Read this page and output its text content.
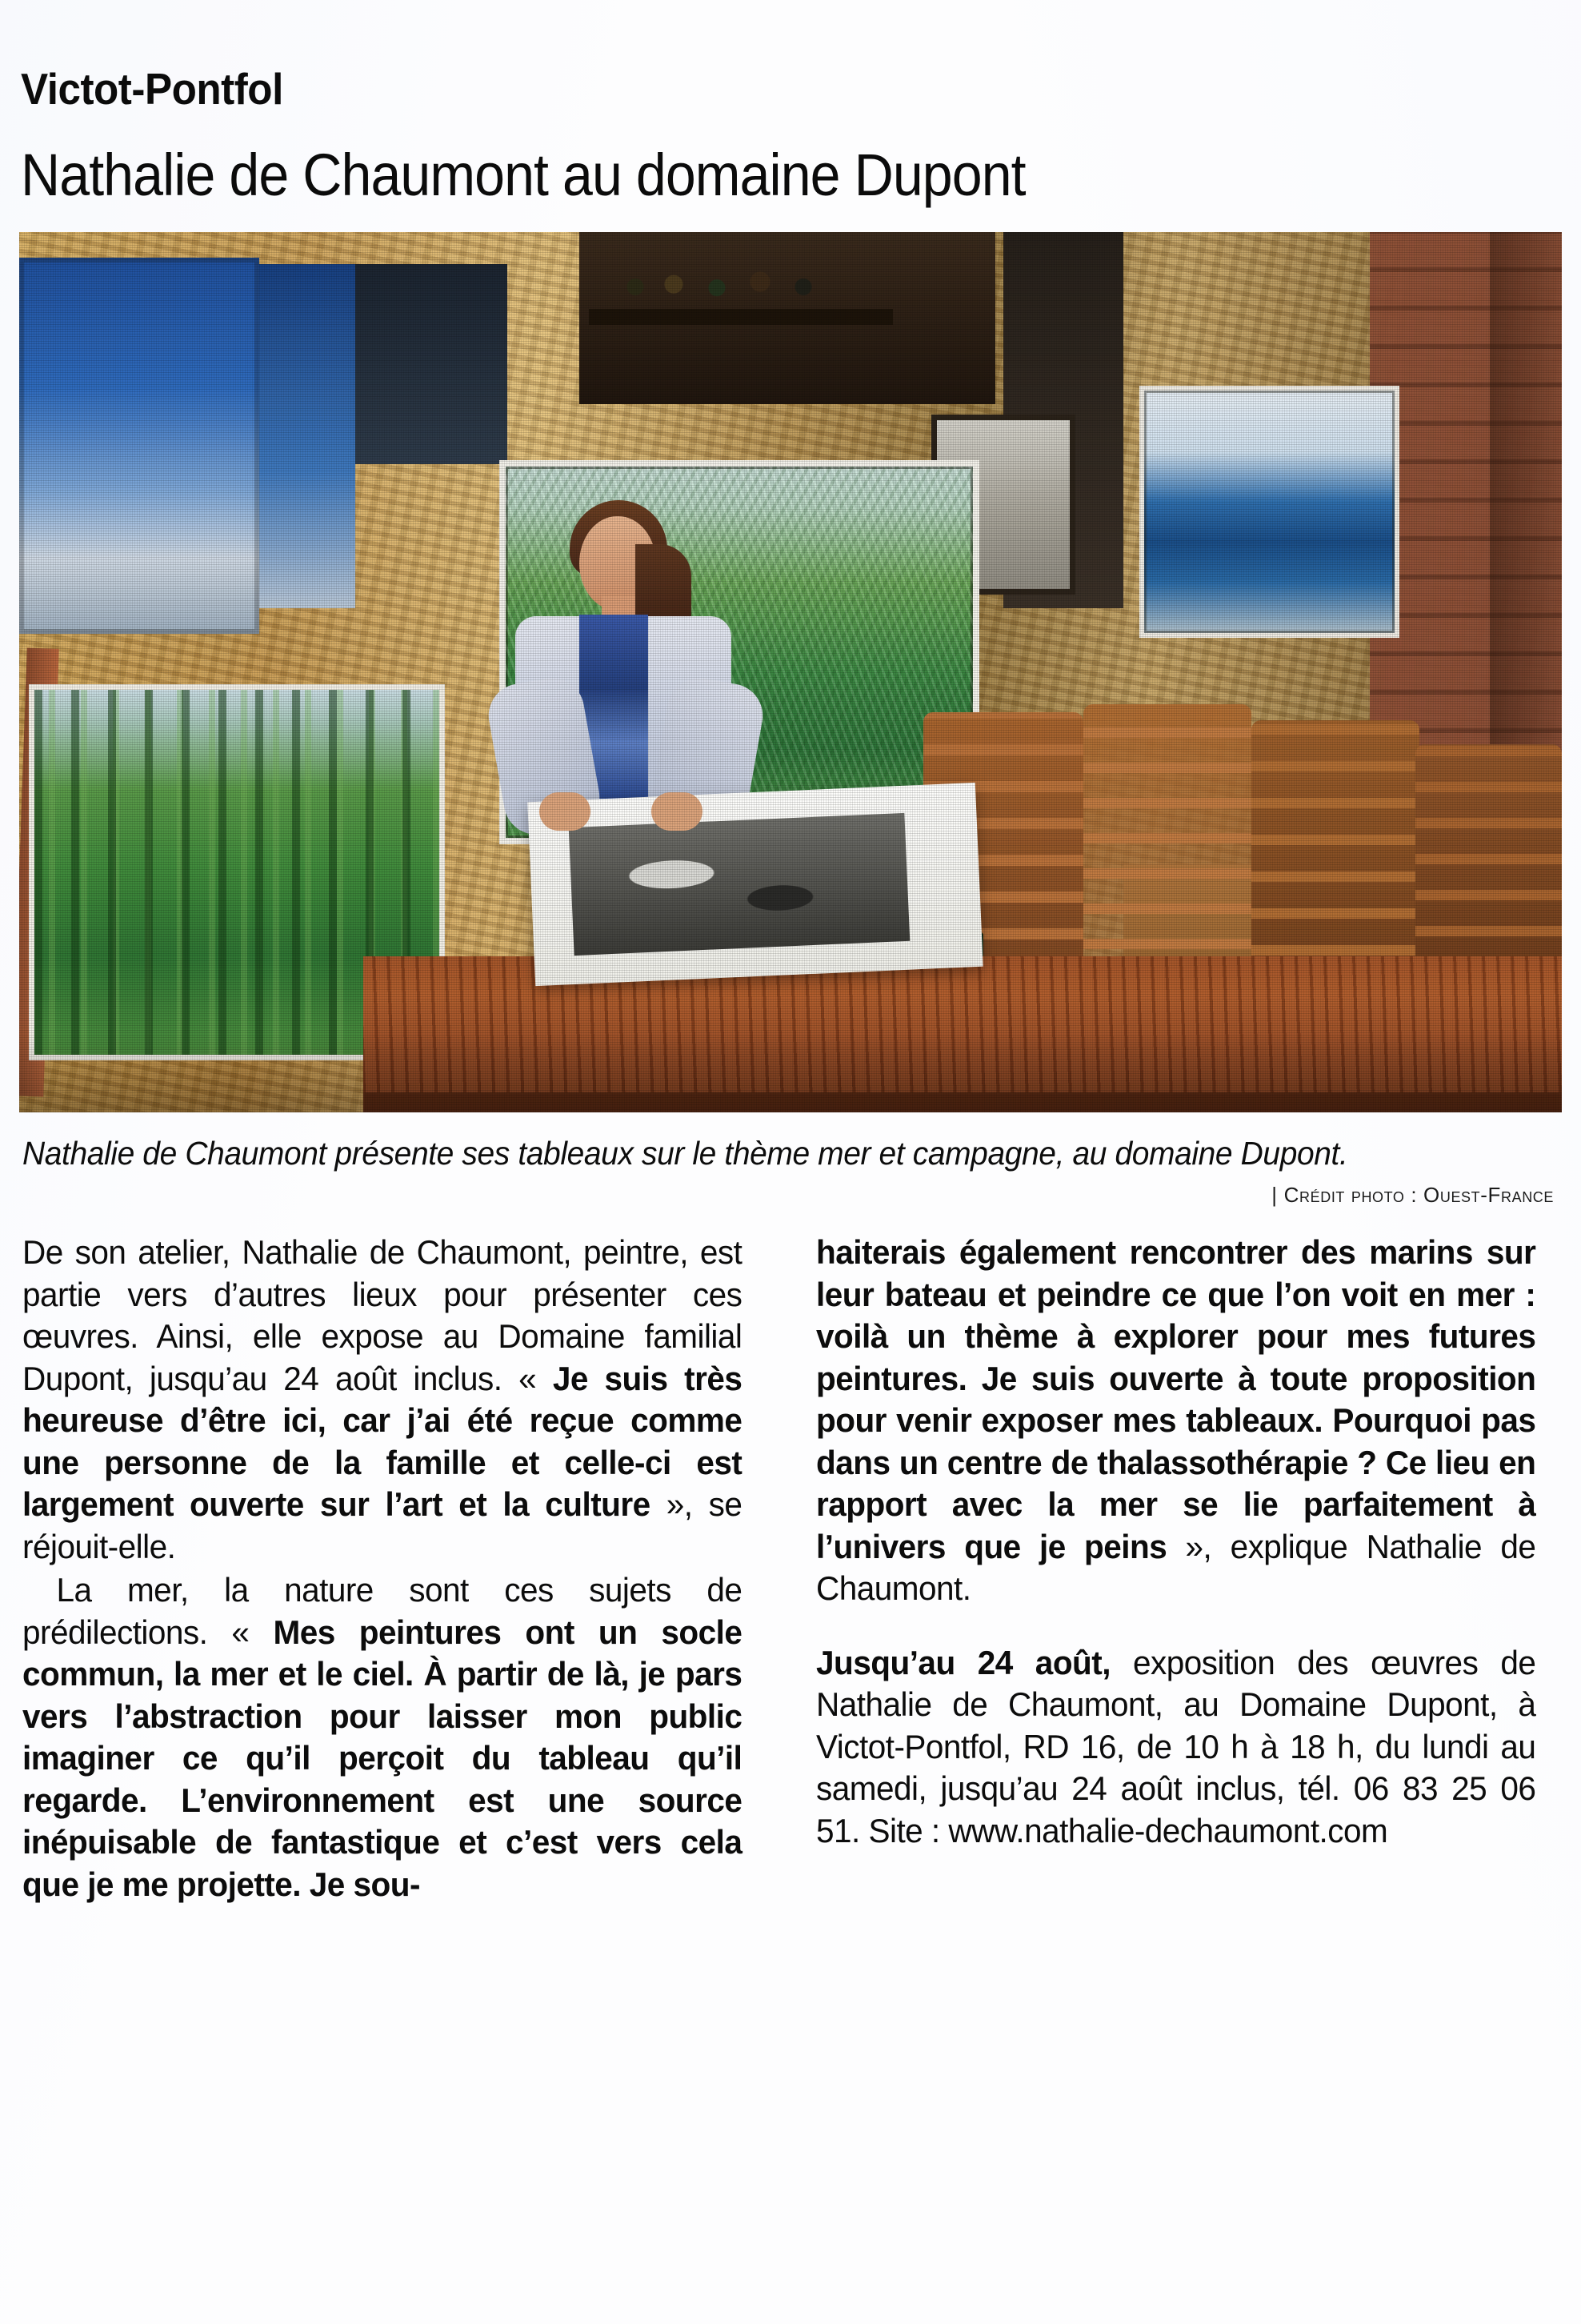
Victot-Pontfol
Nathalie de Chaumont au domaine Dupont
Nathalie de Chaumont présente ses tableaux sur le thème mer et campagne, au domaine Dupont.
| Crédit photo : Ouest-France

De son atelier, Nathalie de Chaumont, peintre, est partie vers d’autres lieux pour présenter ces œuvres. Ainsi, elle expose au Domaine familial Dupont, jusqu’au 24 août inclus. « Je suis très heureuse d’être ici, car j’ai été reçue comme une personne de la famille et celle-ci est largement ouverte sur l’art et la culture », se réjouit-elle.

La mer, la nature sont ces sujets de prédilections. « Mes peintures ont un socle commun, la mer et le ciel. À partir de là, je pars vers l’abstraction pour laisser mon public imaginer ce qu’il perçoit du tableau qu’il regarde. L’environnement est une source inépuisable de fantastique et c’est vers cela que je me projette. Je sou-

haiterais également rencontrer des marins sur leur bateau et peindre ce que l’on voit en mer : voilà un thème à explorer pour mes futures peintures. Je suis ouverte à toute proposition pour venir exposer mes tableaux. Pourquoi pas dans un centre de thalassothérapie ? Ce lieu en rapport avec la mer se lie parfaitement à l’univers que je peins », explique Nathalie de Chaumont.

Jusqu’au 24 août, exposition des œuvres de Nathalie de Chaumont, au Domaine Dupont, à Victot-Pontfol, RD 16, de 10 h à 18 h, du lundi au samedi, jusqu’au 24 août inclus, tél. 06 83 25 06 51. Site : www.nathalie-dechaumont.com
